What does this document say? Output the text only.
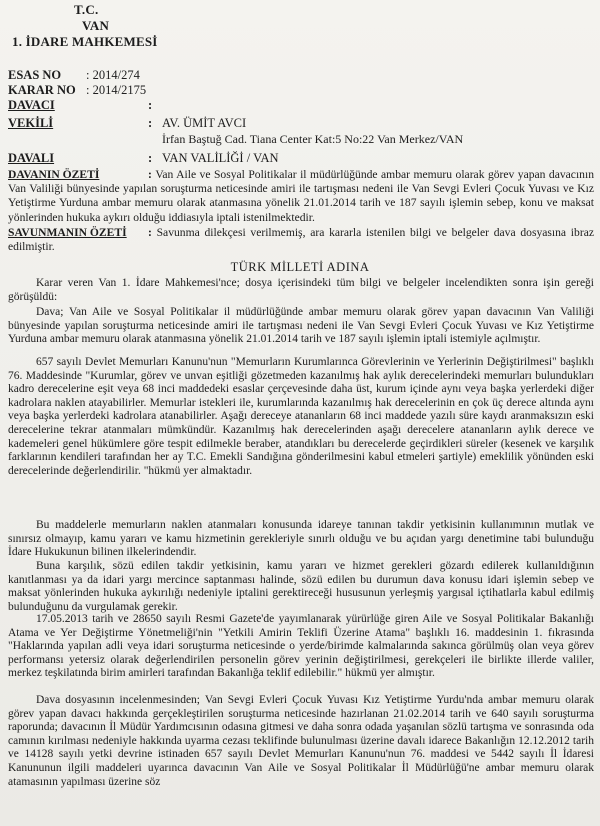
T.C.
VAN
1. İDARE MAHKEMESİ
ESAS NO : 2014/274
KARAR NO : 2014/2175
DAVACI	:
VEKİLİ	: AV. ÜMİT AVCI
İrfan Baştuğ Cad. Tiana Center Kat:5 No:22 Van Merkez/VAN
DAVALI	: VAN VALİLİĞİ / VAN
DAVANIN ÖZETİ	: Van Aile ve Sosyal Politikalar il müdürlüğünde ambar memuru olarak görev yapan davacının Van Valiliği bünyesinde yapılan soruşturma neticesinde amiri ile tartışması nedeni ile Van Sevgi Evleri Çocuk Yuvası ve Kız Yetiştirme Yurduna ambar memuru olarak atanmasına yönelik 21.01.2014 tarih ve 187 sayılı işlemin sebep, konu ve maksat yönlerinden hukuka aykırı olduğu iddiasıyla iptali istenilmektedir.
SAVUNMANIN ÖZETİ : Savunma dilekçesi verilmemiş, ara kararla istenilen bilgi ve belgeler dava dosyasına ibraz edilmiştir.
TÜRK MİLLETİ ADINA
Karar veren Van 1. İdare Mahkemesi'nce; dosya içerisindeki tüm bilgi ve belgeler incelendikten sonra işin gereği görüşüldü:
Dava; Van Aile ve Sosyal Politikalar il müdürlüğünde ambar memuru olarak görev yapan davacının Van Valiliği bünyesinde yapılan soruşturma neticesinde amiri ile tartışması nedeni ile Van Sevgi Evleri Çocuk Yuvası ve Kız Yetiştirme Yurduna ambar memuru olarak atanmasına yönelik 21.01.2014 tarih ve 187 sayılı işlemin iptali istemiyle açılmıştır.
657 sayılı Devlet Memurları Kanunu'nun "Memurların Kurumlarınca Görevlerinin ve Yerlerinin Değiştirilmesi" başlıklı 76. Maddesinde "Kurumlar, görev ve unvan eşitliği gözetmeden kazanılmış hak aylık derecelerindeki memurları bulundukları kadro derecelerine eşit veya 68 inci maddedeki esaslar çerçevesinde daha üst, kurum içinde aynı veya başka yerlerdeki diğer kadrolara naklen atayabilirler. Memurlar istekleri ile, kurumlarında kazanılmış hak derecelerinin en çok üç derece altında aynı veya başka yerlerdeki kadrolara atanabilirler. Aşağı dereceye atananların 68 inci maddede yazılı süre kaydı aranmaksızın eski derecelerine tekrar atanmaları mümkündür. Kazanılmış hak derecelerinden aşağı derecelere atananların aylık derece ve kademeleri genel hükümlere göre tespit edilmekle beraber, atandıkları bu derecelerde geçirdikleri süreler (kesenek ve karşılık farklarının kendileri tarafından her ay T.C. Emekli Sandığına gönderilmesini kabul etmeleri şartiyle) emeklilik yönünden eski derecelerinde değerlendirilir. "hükmü yer almaktadır.
Bu maddelerle memurların naklen atanmaları konusunda idareye tanınan takdir yetkisinin kullanımının mutlak ve sınırsız olmayıp, kamu yararı ve kamu hizmetinin gerekleriyle sınırlı olduğu ve bu açıdan yargı denetimine tabi bulunduğu İdare Hukukunun bilinen ilkelerindendir.
Buna karşılık, sözü edilen takdir yetkisinin, kamu yararı ve hizmet gerekleri gözardı edilerek kullanıldığının kanıtlanması ya da idari yargı mercince saptanması halinde, sözü edilen bu durumun dava konusu idari işlemin sebep ve maksat yönlerinden hukuka aykırılığı nedeniyle iptalini gerektireceği hususunun yerleşmiş yargısal içtihatlarla kabul edilmiş bulunduğunu da vurgulamak gerekir.
17.05.2013 tarih ve 28650 sayılı Resmi Gazete'de yayımlanarak yürürlüğe giren Aile ve Sosyal Politikalar Bakanlığı Atama ve Yer Değiştirme Yönetmeliği'nin "Yetkili Amirin Teklifi Üzerine Atama" başlıklı 16. maddesinin 1. fıkrasında "Haklarında yapılan adli veya idari soruşturma neticesinde o yerde/birimde kalmalarında sakınca görülmüş olan veya görev performansı yetersiz olarak değerlendirilen personelin görev yerinin değiştirilmesi, gerekçeleri ile birlikte illerde valiler, merkez teşkilatında birim amirleri tarafından Bakanlığa teklif edilebilir." hükmü yer almıştır.
Dava dosyasının incelenmesinden; Van Sevgi Evleri Çocuk Yuvası Kız Yetiştirme Yurdu'nda ambar memuru olarak görev yapan davacı hakkında gerçekleştirilen soruşturma neticesinde hazırlanan 21.02.2014 tarih ve 640 sayılı soruşturma raporunda; davacının İl Müdür Yardımcısının odasına gitmesi ve daha sonra odada yaşanılan sözlü tartışma ve sonrasında oda camının kırılması nedeniyle hakkında uyarma cezası teklifinde bulunulması üzerine davalı idarece Bakanlığın 12.12.2012 tarih ve 14128 sayılı yetki devrine istinaden 657 sayılı Devlet Memurları Kanunu'nun 76. maddesi ve 5442 sayılı İl İdaresi Kanununun ilgili maddeleri uyarınca davacının Van Aile ve Sosyal Politikalar İl Müdürlüğü'ne ambar memuru olarak atamasının yapılması üzerine söz
